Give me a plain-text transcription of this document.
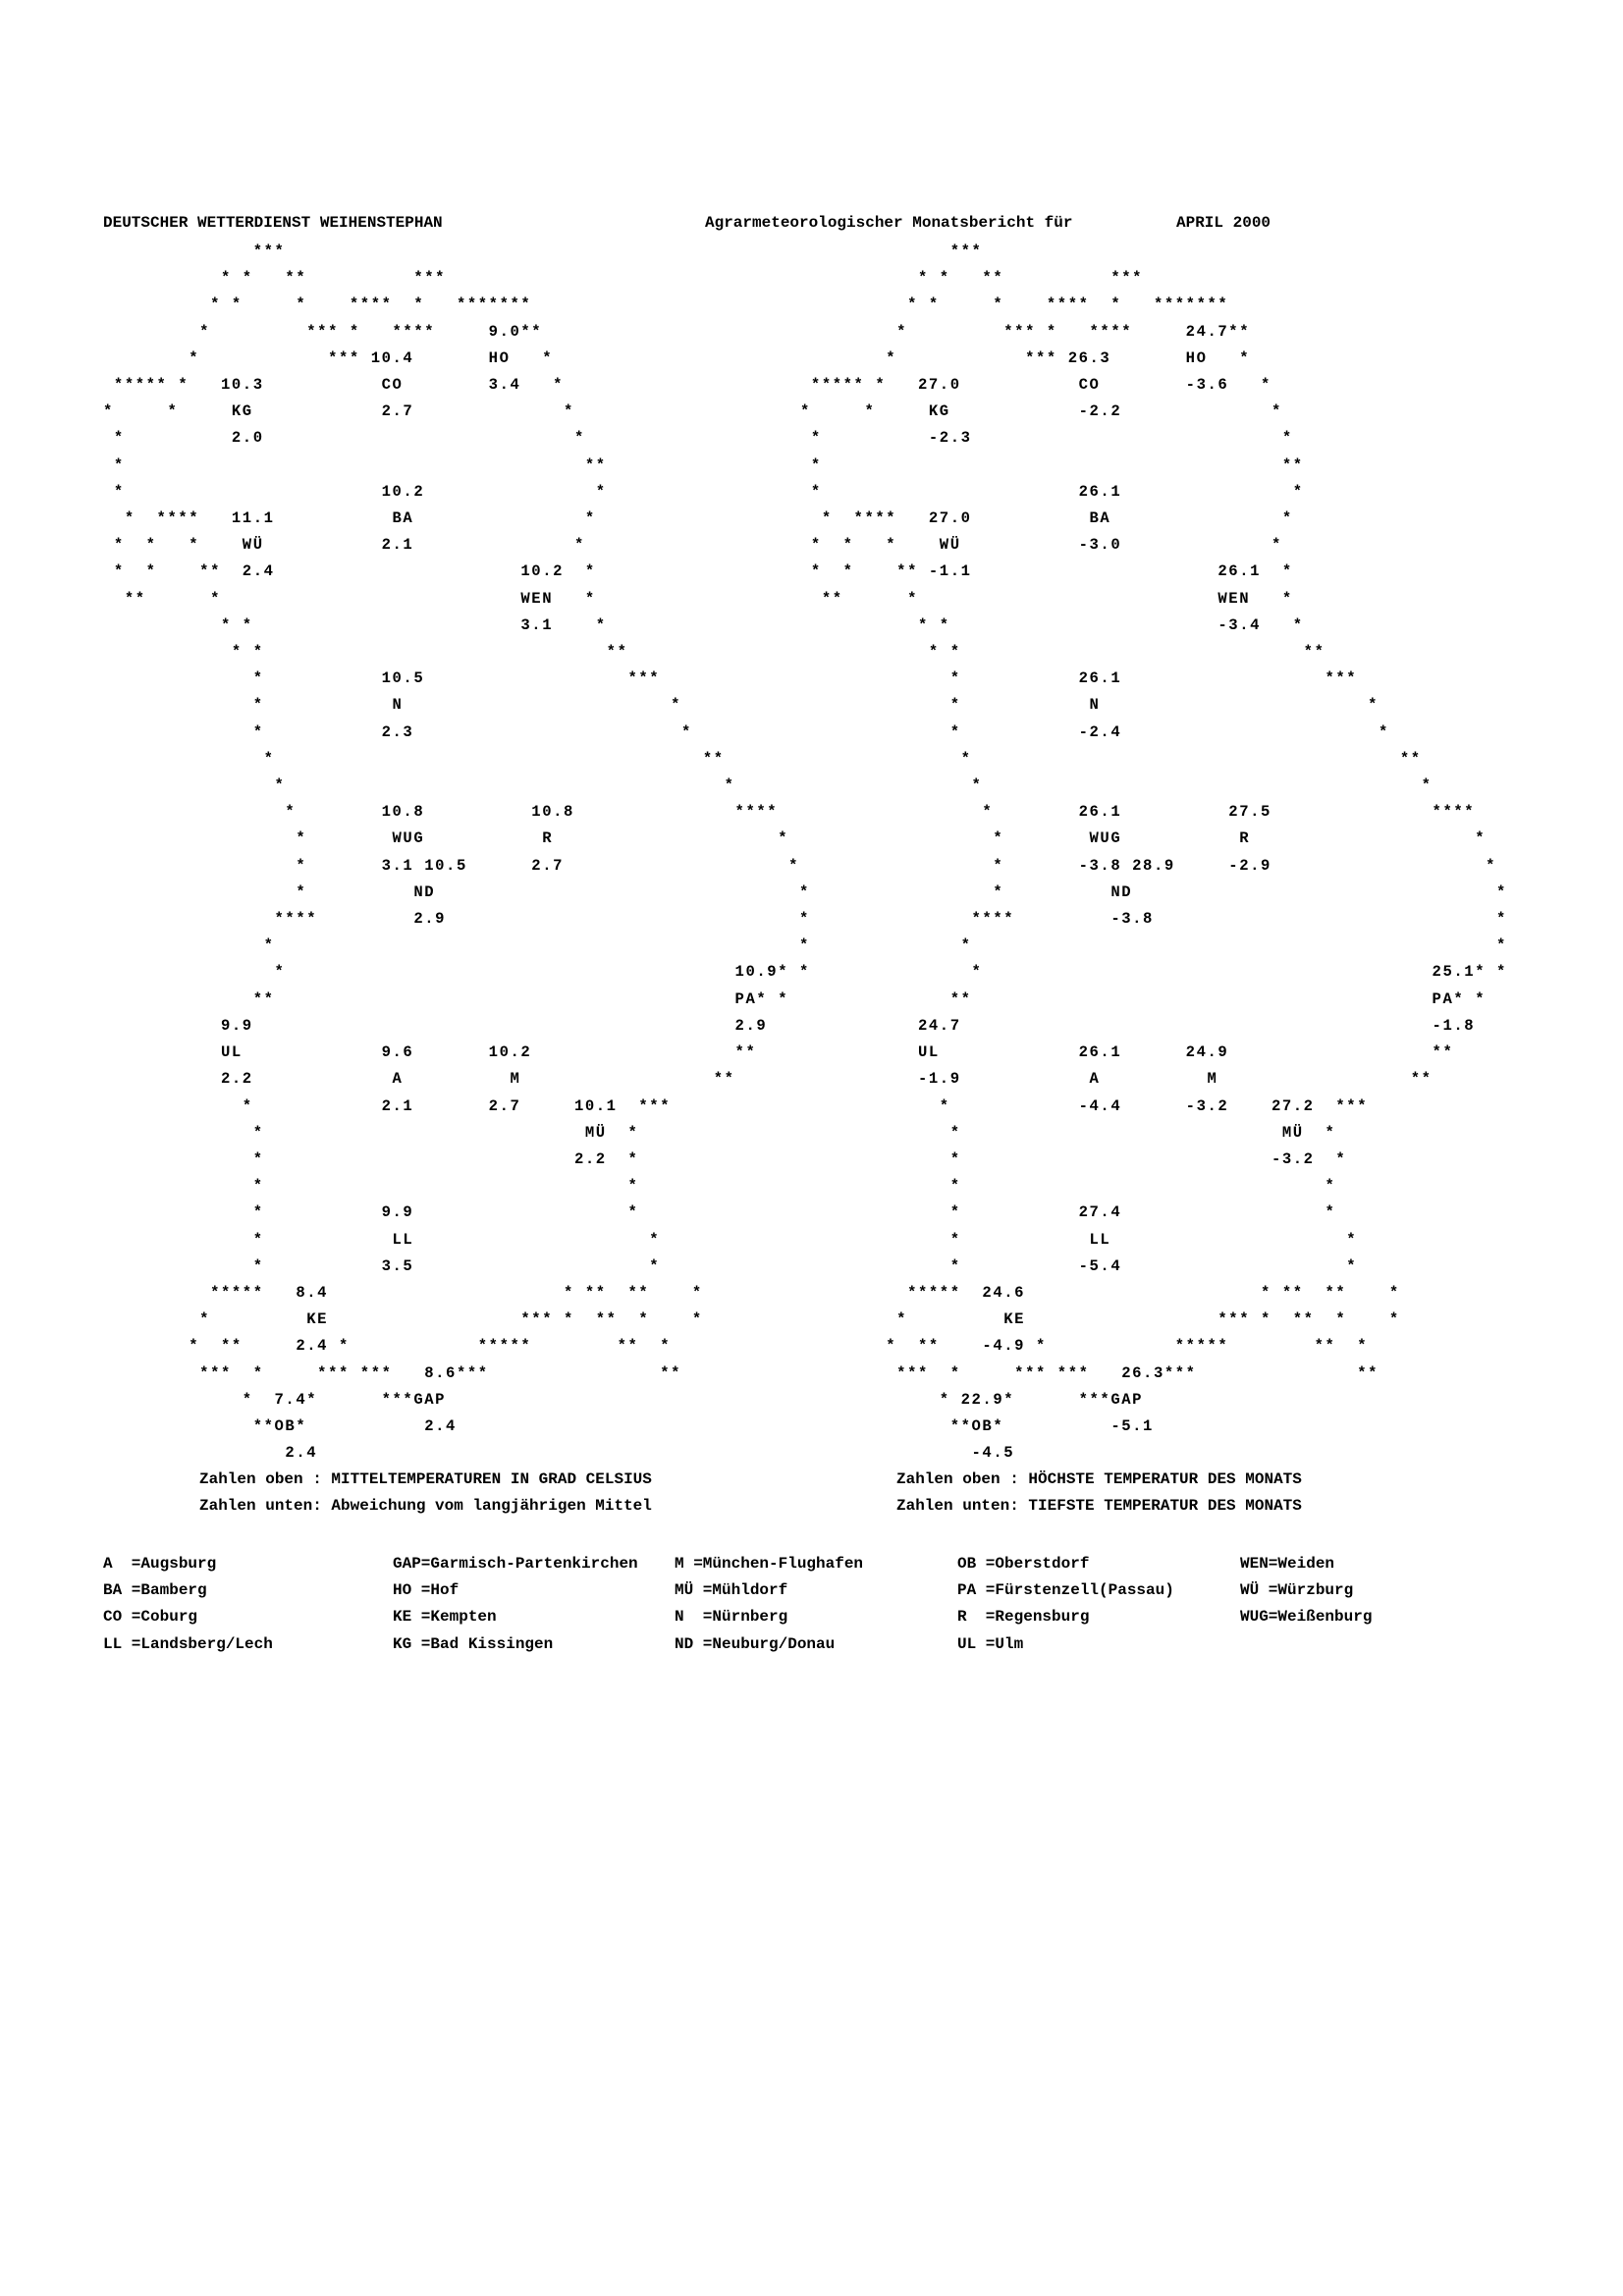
DEUTSCHER WETTERDIENST WEIHENSTEPHAN	Agrarmeteorologischer Monatsbericht für	APRIL 2000
***
* *   **          ***
* *     *    ****  *   *******
*         *** *   ****     9.0**
*            *** 10.4       HO   *
***** *   10.3           CO        3.4   *
*     *     KG            2.7              *
*          2.0                             *
*                                           **
*                        10.2                *
*  ****   11.1           BA                *
*  *   *    WÜ           2.1               *
*  *    **  2.4                       10.2  *
**      *                            WEN   *
* *                         3.1    *
* *                                **
*           10.5                   ***
*            N                         *
*           2.3                         *
*                                        **
*                                         *
*        10.8          10.8               ****
*        WUG           R                     *
*       3.1 10.5      2.7                     *
*          ND                                  *
****         2.9                                 *
*                                                 *
*                                          10.9* *
**                                           PA* *
9.9                                             2.9
UL             9.6       10.2                   **
2.2             A          M                  **
*            2.1       2.7     10.1  ***
*                              MÜ  *
*                             2.2  *
*                                  *
*           9.9                    *
*            LL                      *
*           3.5                      *
*****   8.4                      * **  **    *
*         KE                  *** *  **  *    *
*  **     2.4 *            *****        **  *
***  *     *** ***   8.6***                **
*  7.4*      ***GAP
**OB*           2.4
2.4
***
* *   **          ***
* *     *    ****  *   *******
*         *** *   ****     24.7**
*            *** 26.3       HO   *
***** *   27.0           CO        -3.6   *
*     *     KG            -2.2              *
*          -2.3                             *
*                                           **
*                        26.1                *
*  ****   27.0           BA                *
*  *   *    WÜ           -3.0              *
*  *    ** -1.1                       26.1  *
**      *                            WEN   *
* *                         -3.4   *
* *                                **
*           26.1                   ***
*            N                         *
*           -2.4                        *
*                                        **
*                                         *
*        26.1          27.5               ****
*        WUG           R                     *
*       -3.8 28.9     -2.9                    *
*          ND                                  *
****         -3.8                                *
*                                                 *
*                                          25.1* *
**                                           PA* *
24.7                                            -1.8
UL             26.1      24.9                   **
-1.9            A          M                  **
*            -4.4      -3.2    27.2  ***
*                              MÜ  *
*                             -3.2  *
*                                  *
*           27.4                   *
*            LL                      *
*           -5.4                     *
*****  24.6                      * **  **    *
*         KE                  *** *  **  *    *
*  **    -4.9 *            *****        **  *
***  *     *** ***   26.3***               **
* 22.9*      ***GAP
**OB*          -5.1
-4.5
Zahlen oben : MITTELTEMPERATUREN IN GRAD CELSIUS
Zahlen unten: Abweichung vom langjährigen Mittel
Zahlen oben : HÖCHSTE TEMPERATUR DES MONATS
Zahlen unten: TIEFSTE TEMPERATUR DES MONATS
A  =Augsburg	GAP=Garmisch-Partenkirchen M =München-Flughafen	OB =Oberstdorf	WEN=Weiden
BA =Bamberg	HO =Hof	MÜ =Mühldorf	PA =Fürstenzell(Passau)	WÜ =Würzburg
CO =Coburg	KE =Kempten	N  =Nürnberg	R  =Regensburg	WUG=Weißenburg
LL =Landsberg/Lech	KG =Bad Kissingen	ND =Neuburg/Donau	UL =Ulm
